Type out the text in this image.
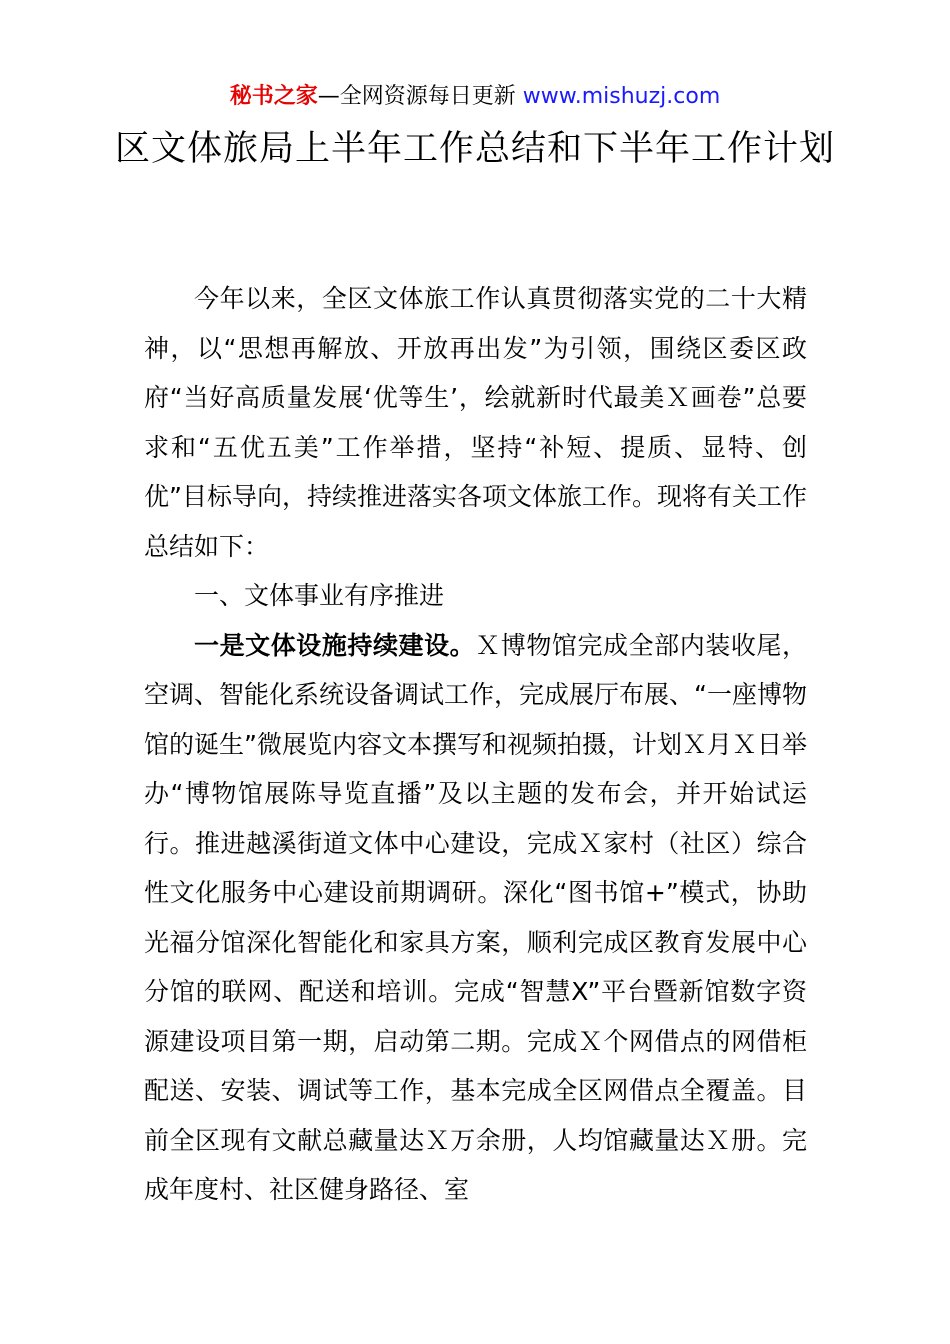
秘书之家—全网资源每日更新 www.mishuzj.com
区文体旅局上半年工作总结和下半年工作计划

今年以来，全区文体旅工作认真贯彻落实党的二十大精神，以“思想再解放、开放再出发”为引领，围绕区委区政府“当好高质量发展‘优等生’，绘就新时代最美Ｘ画卷”总要求和“五优五美”工作举措，坚持“补短、提质、显特、创优”目标导向，持续推进落实各项文体旅工作。现将有关工作总结如下：

一、文体事业有序推进

一是文体设施持续建设。Ｘ博物馆完成全部内装收尾，空调、智能化系统设备调试工作，完成展厅布展、“一座博物馆的诞生”微展览内容文本撰写和视频拍摄，计划Ｘ月Ｘ日举办“博物馆展陈导览直播”及以主题的发布会，并开始试运行。推进越溪街道文体中心建设，完成Ｘ家村（社区）综合性文化服务中心建设前期调研。深化“图书馆+”模式，协助光福分馆深化智能化和家具方案，顺利完成区教育发展中心分馆的联网、配送和培训。完成“智慧X”平台暨新馆数字资源建设项目第一期，启动第二期。完成Ｘ个网借点的网借柜配送、安装、调试等工作，基本完成全区网借点全覆盖。目前全区现有文献总藏量达Ｘ万余册，人均馆藏量达Ｘ册。完成年度村、社区健身路径、室
